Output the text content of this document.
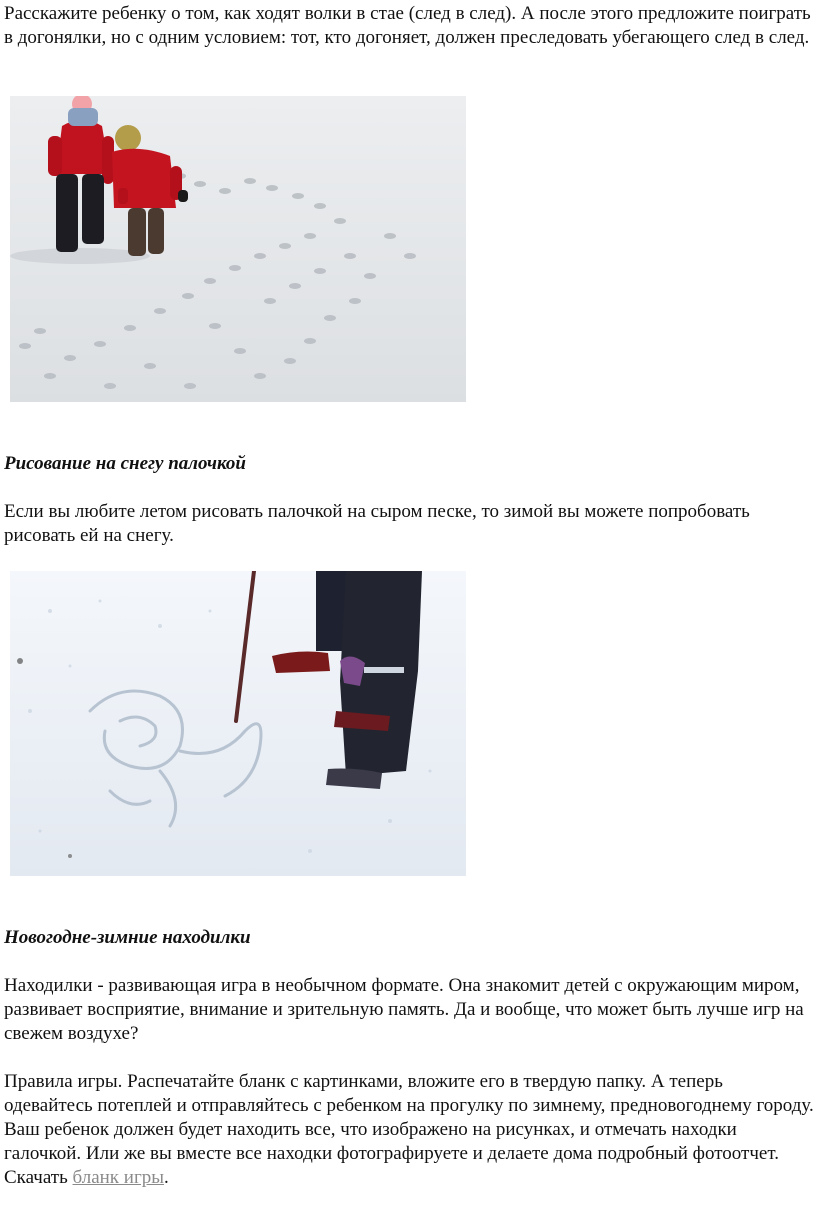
Расскажите ребенку о том, как ходят волки в стае (след в след). А после этого предложите поиграть в догонялки, но с одним условием: тот, кто догоняет, должен преследовать убегающего след в след.

Рисование на снегу палочкой

Если вы любите летом рисовать палочкой на сыром песке, то зимой вы можете попробовать рисовать ей на снегу.

Новогодне-зимние находилки

Находилки - развивающая игра в необычном формате. Она знакомит детей с окружающим миром, развивает восприятие, внимание и зрительную память. Да и вообще, что может быть лучше игр на свежем воздухе?

Правила игры. Распечатайте бланк с картинками, вложите его в твердую папку. А теперь одевайтесь потеплей и отправляйтесь с ребенком на прогулку по зимнему, предновогоднему городу. Ваш ребенок должен будет находить все, что изображено на рисунках, и отмечать находки галочкой. Или же вы вместе все находки фотографируете и делаете дома подробный фотоотчет. Скачать бланк игры.
